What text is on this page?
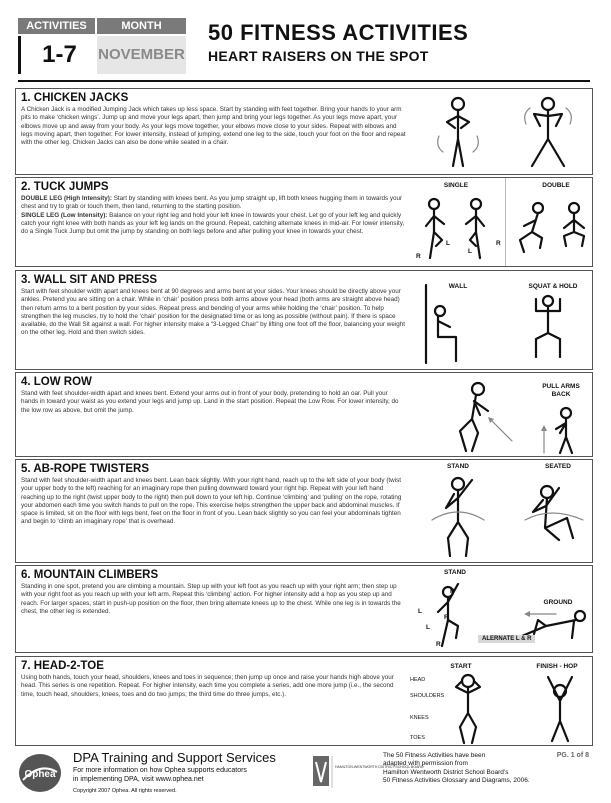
ACTIVITIES	MONTH
1-7	NOVEMBER
50 FITNESS ACTIVITIES
HEART RAISERS ON THE SPOT
1. CHICKEN JACKS

A Chicken Jack is a modified Jumping Jack which takes up less space. Start by standing with feet together. Bring your hands to your arm pits to make ‘chicken wings’. Jump up and move your legs apart, then jump and bring your legs together. As your legs move apart, your elbows move up and away from your body. As your legs move together, your elbows move close to your sides. Repeat with elbows and legs moving apart, then together. For lower intensity, instead of jumping, extend one leg to the side, touch your foot on the floor and repeat with the other leg. Chicken Jacks can also be done while seated in a chair.

2. TUCK JUMPS

DOUBLE LEG (High Intensity): Start by standing with knees bent. As you jump straight up, lift both knees hugging them in towards your chest and try to grab or touch them, then land, returning to the starting position.
SINGLE LEG (Low Intensity): Balance on your right leg and hold your left knee in towards your chest. Let go of your left leg and quickly catch your right knee with both hands as your left leg lands on the ground. Repeat, catching alternate knees in mid-air. For lower intensity, do a Single Tuck Jump but omit the jump by standing on both legs before and after pulling your knee in towards your chest.

SINGLE	DOUBLE
R
L
L
R
3. WALL SIT AND PRESS

Start with feet shoulder width apart and knees bent at 90 degrees and arms bent at your sides. Your knees should be directly above your ankles. Pretend you are sitting on a chair. While in ‘chair’ position press both arms above your head (both arms are straight above head) then return arms to a bent position by your sides. Repeat press and bending of your arms while holding the ‘chair’ position. To help strengthen the leg muscles, try to hold the ‘chair’ position for the designated time or as long as possible (without pain). If there is space available, do the Wall Sit against a wall. For higher intensity make a “3-Legged Chair” by lifting one foot off the floor, balancing your weight on the other leg. Hold and then switch sides.

WALL	SQUAT & HOLD
4. LOW ROW

Stand with feet shoulder-width apart and knees bent. Extend your arms out in front of your body, pretending to hold an oar. Pull your hands in toward your waist as you extend your legs and jump up. Land in the start position. Repeat the Low Row. For lower intensity, do the low row as above, but omit the jump.

PULL ARMS
BACK
5. AB-ROPE TWISTERS

Stand with feet shoulder-width apart and knees bent. Lean back slightly. With your right hand, reach up to the left side of your body (twist your upper body to the left) reaching for an imaginary rope then pulling downward toward your right hip. Repeat with your left hand reaching up to the right (twist upper body to the right) then pull down to your left hip. Continue ‘climbing’ and ‘pulling’ on the rope, rotating your abdomen each time you switch hands to pull on the rope. This exercise helps strengthen the upper back and abdominal muscles. If space is limited, sit on the floor with legs bent, feet on the floor in front of you. Lean back slightly so you can feel your abdominals tighten and begin to ‘climb an imaginary rope’ that is overhead.

STAND	SEATED
6. MOUNTAIN CLIMBERS

Standing in one spot, pretend you are climbing a mountain. Step up with your left foot as you reach up with your right arm; then step up with your right foot as you reach up with your left arm. Repeat this ‘climbing’ action. For higher intensity add a hop as you step up and reach. For larger spaces, start in push-up position on the floor, then bring alternate knees up to the chest. While one leg is in towards the chest, the other leg is extended.

STAND
GROUND
R
L
R
L
R
ALERNATE L & R
7. HEAD-2-TOE

Using both hands, touch your head, shoulders, knees and toes in sequence; then jump up once and raise your hands high above your head. This series is one repetition. Repeat. For higher intensity, each time you complete a series, add one more jump (i.e., the second time, touch head, shoulders, knees, toes and do two jumps; the third time do three jumps, etc.).

START	FINISH - HOP
HEAD
SHOULDERS
KNEES
TOES
Ophea
DPA Training and Support Services
For more information on how Ophea supports educators
in implementing DPA, visit www.ophea.net
Copyright 2007 Ophea. All rights reserved.
HAMILTON-WENTWORTH DISTRICT SCHOOL BOARD
The 50 Fitness Activities have been
adapted with permission from
Hamilton Wentworth District School Board’s
50 Fitness Activities Glossary and Diagrams, 2006.
PG. 1 of 8
